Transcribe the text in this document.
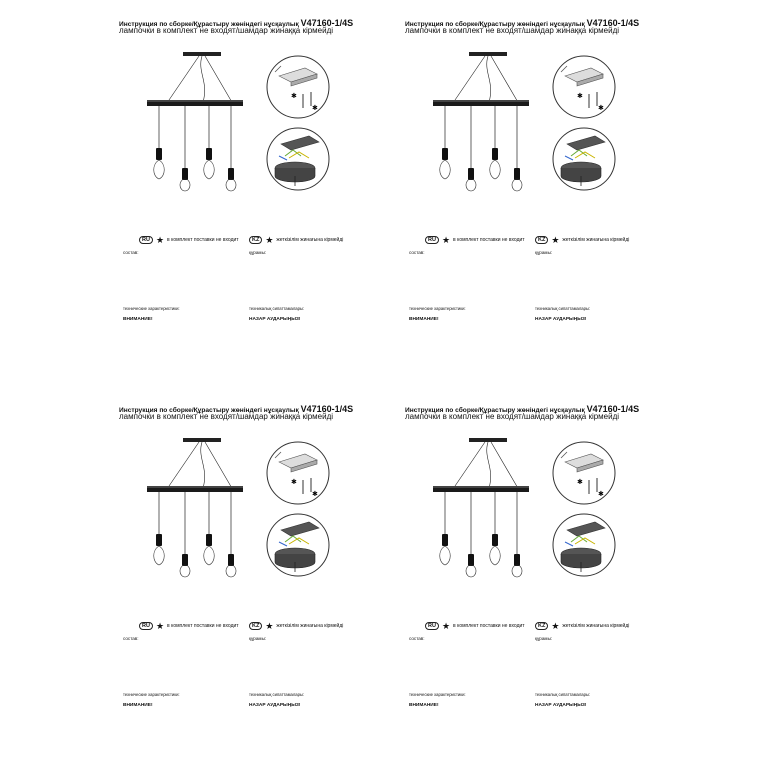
Инструкция по сборке/Құрастыру жөніндегі нұсқаулық V47160-1/4S
лампочки в комплект не входят/шамдар жинаққа кірмейді
✱
✱
RU ★ в комплект поставки не входит	KZ ★ жеткізілім жинағына кірмейді
состав:
технические характеристики:
ВНИМАНИЕ!
құрамы:
техникалық сипаттамалары:
НАЗАР АУДАРЫҢЫЗ!
Инструкция по сборке/Құрастыру жөніндегі нұсқаулық V47160-1/4S
лампочки в комплект не входят/шамдар жинаққа кірмейді
✱
✱
RU ★ в комплект поставки не входит	KZ ★ жеткізілім жинағына кірмейді
состав:
технические характеристики:
ВНИМАНИЕ!
құрамы:
техникалық сипаттамалары:
НАЗАР АУДАРЫҢЫЗ!
Инструкция по сборке/Құрастыру жөніндегі нұсқаулық V47160-1/4S
лампочки в комплект не входят/шамдар жинаққа кірмейді
✱
✱
RU ★ в комплект поставки не входит	KZ ★ жеткізілім жинағына кірмейді
состав:
технические характеристики:
ВНИМАНИЕ!
құрамы:
техникалық сипаттамалары:
НАЗАР АУДАРЫҢЫЗ!
Инструкция по сборке/Құрастыру жөніндегі нұсқаулық V47160-1/4S
лампочки в комплект не входят/шамдар жинаққа кірмейді
✱
✱
RU ★ в комплект поставки не входит	KZ ★ жеткізілім жинағына кірмейді
состав:
технические характеристики:
ВНИМАНИЕ!
құрамы:
техникалық сипаттамалары:
НАЗАР АУДАРЫҢЫЗ!
